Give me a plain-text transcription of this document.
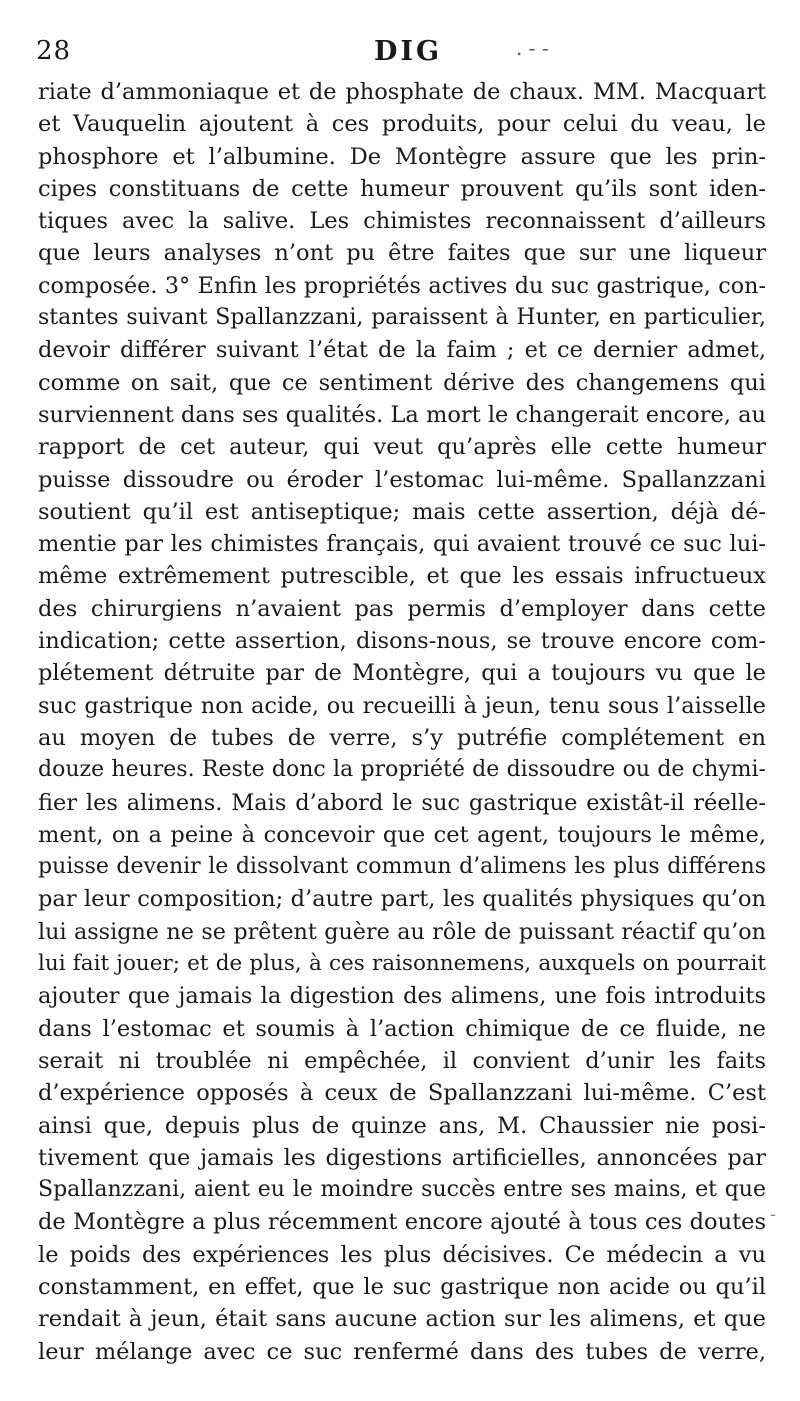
28	DIG	. - -
riate d’ammoniaque et de phosphate de chaux. MM. Macquart
et Vauquelin ajoutent à ces produits, pour celui du veau, le
phosphore et l’albumine. De Montègre assure que les prin-
cipes constituans de cette humeur prouvent qu’ils sont iden-
tiques avec la salive. Les chimistes reconnaissent d’ailleurs
que leurs analyses n’ont pu être faites que sur une liqueur
composée. 3° Enfin les propriétés actives du suc gastrique, con-
stantes suivant Spallanzzani, paraissent à Hunter, en particulier,
devoir différer suivant l’état de la faim ; et ce dernier admet,
comme on sait, que ce sentiment dérive des changemens qui
surviennent dans ses qualités. La mort le changerait encore, au
rapport de cet auteur, qui veut qu’après elle cette humeur
puisse dissoudre ou éroder l’estomac lui-même. Spallanzzani
soutient qu’il est antiseptique; mais cette assertion, déjà dé-
mentie par les chimistes français, qui avaient trouvé ce suc lui-
même extrêmement putrescible, et que les essais infructueux
des chirurgiens n’avaient pas permis d’employer dans cette
indication; cette assertion, disons-nous, se trouve encore com-
plétement détruite par de Montègre, qui a toujours vu que le
suc gastrique non acide, ou recueilli à jeun, tenu sous l’aisselle
au moyen de tubes de verre, s’y putréfie complétement en
douze heures. Reste donc la propriété de dissoudre ou de chymi-
fier les alimens. Mais d’abord le suc gastrique existât-il réelle-
ment, on a peine à concevoir que cet agent, toujours le même,
puisse devenir le dissolvant commun d’alimens les plus différens
par leur composition; d’autre part, les qualités physiques qu’on
lui assigne ne se prêtent guère au rôle de puissant réactif qu’on
lui fait jouer; et de plus, à ces raisonnemens, auxquels on pourrait
ajouter que jamais la digestion des alimens, une fois introduits
dans l’estomac et soumis à l’action chimique de ce fluide, ne
serait ni troublée ni empêchée, il convient d’unir les faits
d’expérience opposés à ceux de Spallanzzani lui-même. C’est
ainsi que, depuis plus de quinze ans, M. Chaussier nie posi-
tivement que jamais les digestions artificielles, annoncées par
Spallanzzani, aient eu le moindre succès entre ses mains, et que
de Montègre a plus récemment encore ajouté à tous ces doutes
le poids des expériences les plus décisives. Ce médecin a vu
constamment, en effet, que le suc gastrique non acide ou qu’il
rendait à jeun, était sans aucune action sur les alimens, et que
leur mélange avec ce suc renfermé dans des tubes de verre,
-
